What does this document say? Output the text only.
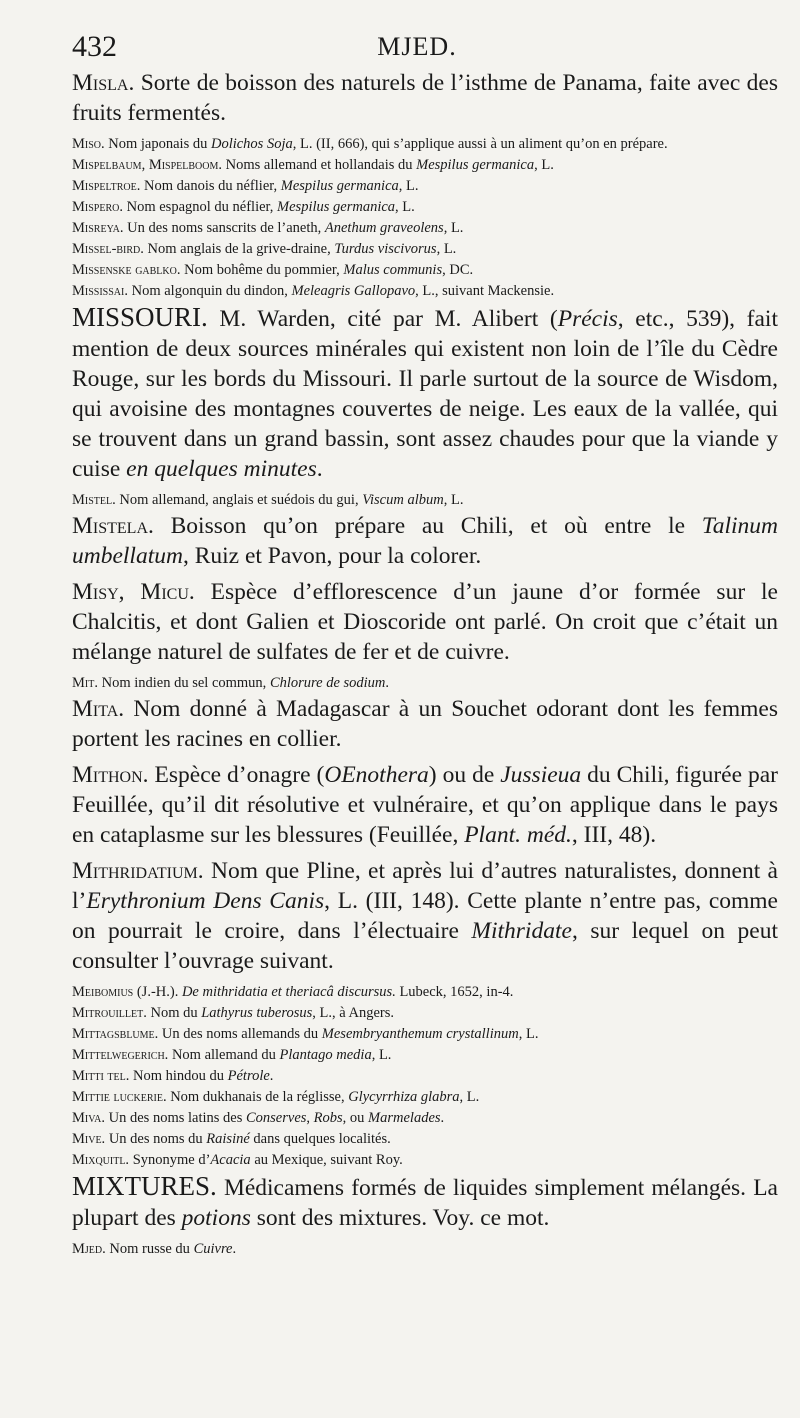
432	MJED.
Misla. Sorte de boisson des naturels de l’isthme de Panama, faite avec des fruits fermentés.
Miso. Nom japonais du Dolichos Soja, L. (II, 666), qui s’applique aussi à un aliment qu’on en prépare.
Mispelbaum, Mispelboom. Noms allemand et hollandais du Mespilus germanica, L.
Mispeltroe. Nom danois du néflier, Mespilus germanica, L.
Mispero. Nom espagnol du néflier, Mespilus germanica, L.
Misreya. Un des noms sanscrits de l’aneth, Anethum graveolens, L.
Missel-bird. Nom anglais de la grive-draine, Turdus viscivorus, L.
Missenske gablko. Nom bohême du pommier, Malus communis, DC.
Mississai. Nom algonquin du dindon, Meleagris Gallopavo, L., suivant Mackensie.
MISSOURI. M. Warden, cité par M. Alibert (Précis, etc., 539), fait mention de deux sources minérales qui existent non loin de l’île du Cèdre Rouge, sur les bords du Missouri. Il parle surtout de la source de Wisdom, qui avoisine des montagnes couvertes de neige. Les eaux de la vallée, qui se trouvent dans un grand bassin, sont assez chaudes pour que la viande y cuise en quelques minutes.
Mistel. Nom allemand, anglais et suédois du gui, Viscum album, L.
Mistela. Boisson qu’on prépare au Chili, et où entre le Talinum umbellatum, Ruiz et Pavon, pour la colorer.
Misy, Micu. Espèce d’efflorescence d’un jaune d’or formée sur le Chalcitis, et dont Galien et Dioscoride ont parlé. On croit que c’était un mélange naturel de sulfates de fer et de cuivre.
Mit. Nom indien du sel commun, Chlorure de sodium.
Mita. Nom donné à Madagascar à un Souchet odorant dont les femmes portent les racines en collier.
Mithon. Espèce d’onagre (OEnothera) ou de Jussieua du Chili, figurée par Feuillée, qu’il dit résolutive et vulnéraire, et qu’on applique dans le pays en cataplasme sur les blessures (Feuillée, Plant. méd., III, 48).
Mithridatium. Nom que Pline, et après lui d’autres naturalistes, donnent à l’Erythronium Dens Canis, L. (III, 148). Cette plante n’entre pas, comme on pourrait le croire, dans l’électuaire Mithridate, sur lequel on peut consulter l’ouvrage suivant.
Meibomius (J.-H.). De mithridatia et theriacâ discursus. Lubeck, 1652, in-4.
Mitrouillet. Nom du Lathyrus tuberosus, L., à Angers.
Mittagsblume. Un des noms allemands du Mesembryanthemum crystallinum, L.
Mittelwegerich. Nom allemand du Plantago media, L.
Mitti tel. Nom hindou du Pétrole.
Mittie luckerie. Nom dukhanais de la réglisse, Glycyrrhiza glabra, L.
Miva. Un des noms latins des Conserves, Robs, ou Marmelades.
Mive. Un des noms du Raisiné dans quelques localités.
Mixquitl. Synonyme d’Acacia au Mexique, suivant Roy.
MIXTURES. Médicamens formés de liquides simplement mélangés. La plupart des potions sont des mixtures. Voy. ce mot.
Mjed. Nom russe du Cuivre.
